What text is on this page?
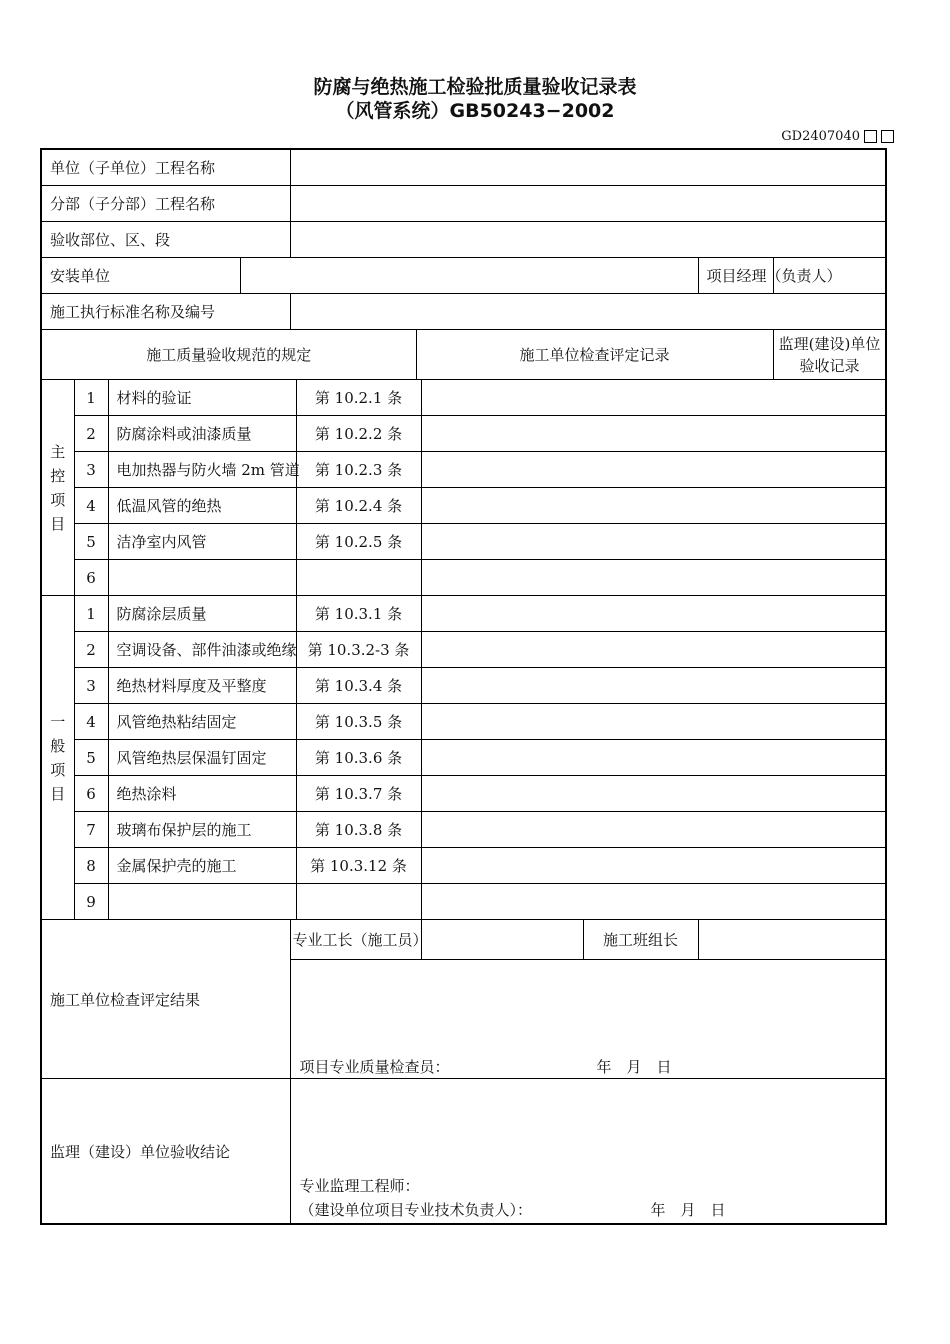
防腐与绝热施工检验批质量验收记录表
（风管系统）GB50243−2002
GD2407040
单位（子单位）工程名称											
分部（子分部）工程名称											
验收部位、区、段											
安装单位									项目经理（负责人）		
施工执行标准名称及编号											
施工质量验收规范的规定						施工单位检查评定记录				监理(建设)单位验收记录	
主控项目	1	材料的验证			第 10.2.1 条						
	2	防腐涂料或油漆质量			第 10.2.2 条						
	3	电加热器与防火墙 2m 管道			第 10.2.3 条						
	4	低温风管的绝热			第 10.2.4 条						
	5	洁净室内风管			第 10.2.5 条						
	6										
一般项目	1	防腐涂层质量			第 10.3.1 条						
	2	空调设备、部件油漆或绝缘			第 10.3.2-3 条						
	3	绝热材料厚度及平整度			第 10.3.4 条						
	4	风管绝热粘结固定			第 10.3.5 条						
	5	风管绝热层保温钉固定			第 10.3.6 条						
	6	绝热涂料			第 10.3.7 条						
	7	玻璃布保护层的施工			第 10.3.8 条						
	8	金属保护壳的施工			第 10.3.12 条						
	9										
施工单位检查评定结果				专业工长（施工员）				施工班组长			

				项目专业质量检查员： 年　月　日							

监理（建设）单位验收结论				专业监理工程师：
（建设单位项目专业技术负责人）： 年　月　日							
